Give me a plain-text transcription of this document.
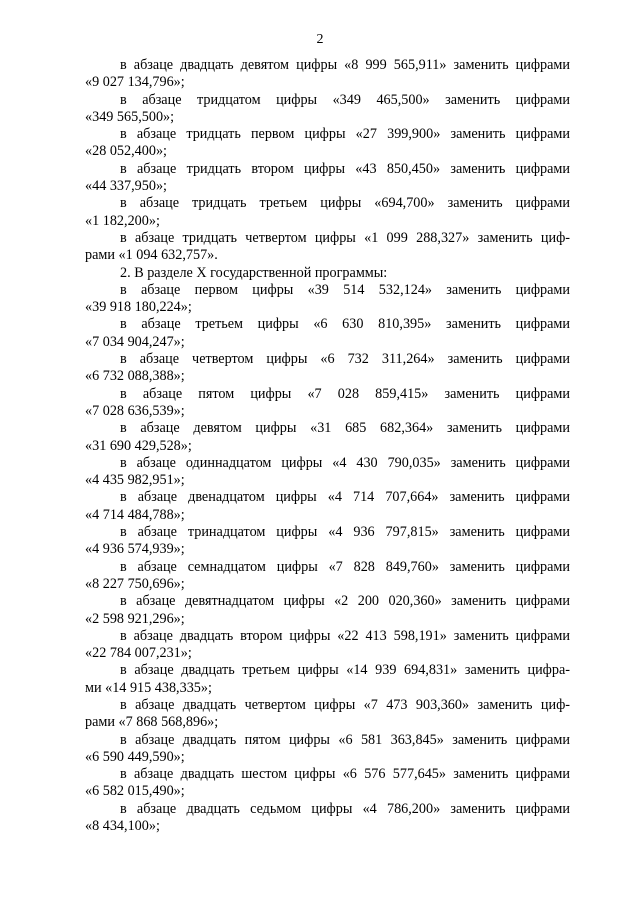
2
в абзаце двадцать девятом цифры «8 999 565,911» заменить цифрами
«9 027 134,796»;
в абзаце тридцатом цифры «349 465,500» заменить цифрами
«349 565,500»;
в абзаце тридцать первом цифры «27 399,900» заменить цифрами
«28 052,400»;
в абзаце тридцать втором цифры «43 850,450» заменить цифрами
«44 337,950»;
в абзаце тридцать третьем цифры «694,700» заменить цифрами
«1 182,200»;
в абзаце тридцать четвертом цифры «1 099 288,327» заменить циф-
рами «1 094 632,757».
2. В разделе X государственной программы:
в абзаце первом цифры «39 514 532,124» заменить цифрами
«39 918 180,224»;
в абзаце третьем цифры «6 630 810,395» заменить цифрами
«7 034 904,247»;
в абзаце четвертом цифры «6 732 311,264» заменить цифрами
«6 732 088,388»;
в абзаце пятом цифры «7 028 859,415» заменить цифрами
«7 028 636,539»;
в абзаце девятом цифры «31 685 682,364» заменить цифрами
«31 690 429,528»;
в абзаце одиннадцатом цифры «4 430 790,035» заменить цифрами
«4 435 982,951»;
в абзаце двенадцатом цифры «4 714 707,664» заменить цифрами
«4 714 484,788»;
в абзаце тринадцатом цифры «4 936 797,815» заменить цифрами
«4 936 574,939»;
в абзаце семнадцатом цифры «7 828 849,760» заменить цифрами
«8 227 750,696»;
в абзаце девятнадцатом цифры «2 200 020,360» заменить цифрами
«2 598 921,296»;
в абзаце двадцать втором цифры «22 413 598,191» заменить цифрами
«22 784 007,231»;
в абзаце двадцать третьем цифры «14 939 694,831» заменить цифра-
ми «14 915 438,335»;
в абзаце двадцать четвертом цифры «7 473 903,360» заменить циф-
рами «7 868 568,896»;
в абзаце двадцать пятом цифры «6 581 363,845» заменить цифрами
«6 590 449,590»;
в абзаце двадцать шестом цифры «6 576 577,645» заменить цифрами
«6 582 015,490»;
в абзаце двадцать седьмом цифры «4 786,200» заменить цифрами
«8 434,100»;
